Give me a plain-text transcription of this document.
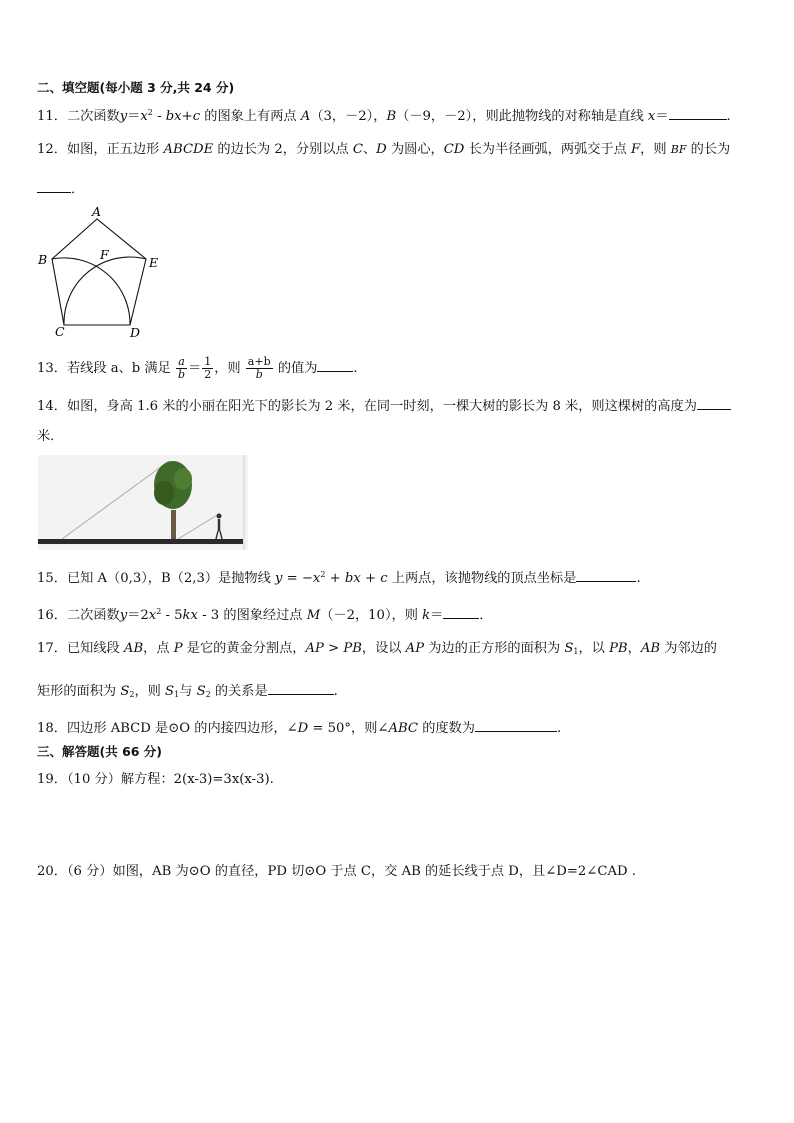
二、填空题(每小题 3 分,共 24 分)
11．二次函数$y=x^2 - bx+c$ 的图象上有两点 A（3，－2），B（－9，－2），则此抛物线的对称轴是直线 x＝	.
12．如图，正五边形 ABCDE 的边长为 2，分别以点 C、D 为圆心，CD 长为半径画弧，两弧交于点 F，则 BF 的长为
．
A
B	E
F
C	D
13．若线段 a、b 满足 $\frac{a}{b} = \frac{1}{2}$ ，则 $\frac{a+b}{b}$ 的值为	.
14．如图，身高 1.6 米的小丽在阳光下的影长为 2 米，在同一时刻，一棵大树的影长为 8 米，则这棵树的高度为
米．
15．已知 A（0,3），B（2,3）是抛物线 $y = -x^2$ + bx + c 上两点，该抛物线的顶点坐标是	.
16．二次函数$y=2x^2 - 5kx - 3$ 的图象经过点 M（－2，10），则 k＝	．
17．已知线段 AB，点 P 是它的黄金分割点，AP > PB，设以 AP 为边的正方形的面积为 $S_1$，以 PB，AB 为邻边的
矩形的面积为 $S_2$，则 $S_1$与 $S_2$ 的关系是	.
18．四边形 ABCD 是⊙O 的内接四边形，∠D = 50°，则∠ABC 的度数为	.
三、解答题(共 66 分)
19．（10 分）解方程：2(x-3)=3x(x-3).
20．（6 分）如图，AB 为⊙O 的直径，PD 切⊙O 于点 C，交 AB 的延长线于点 D，且∠D=2∠CAD .
